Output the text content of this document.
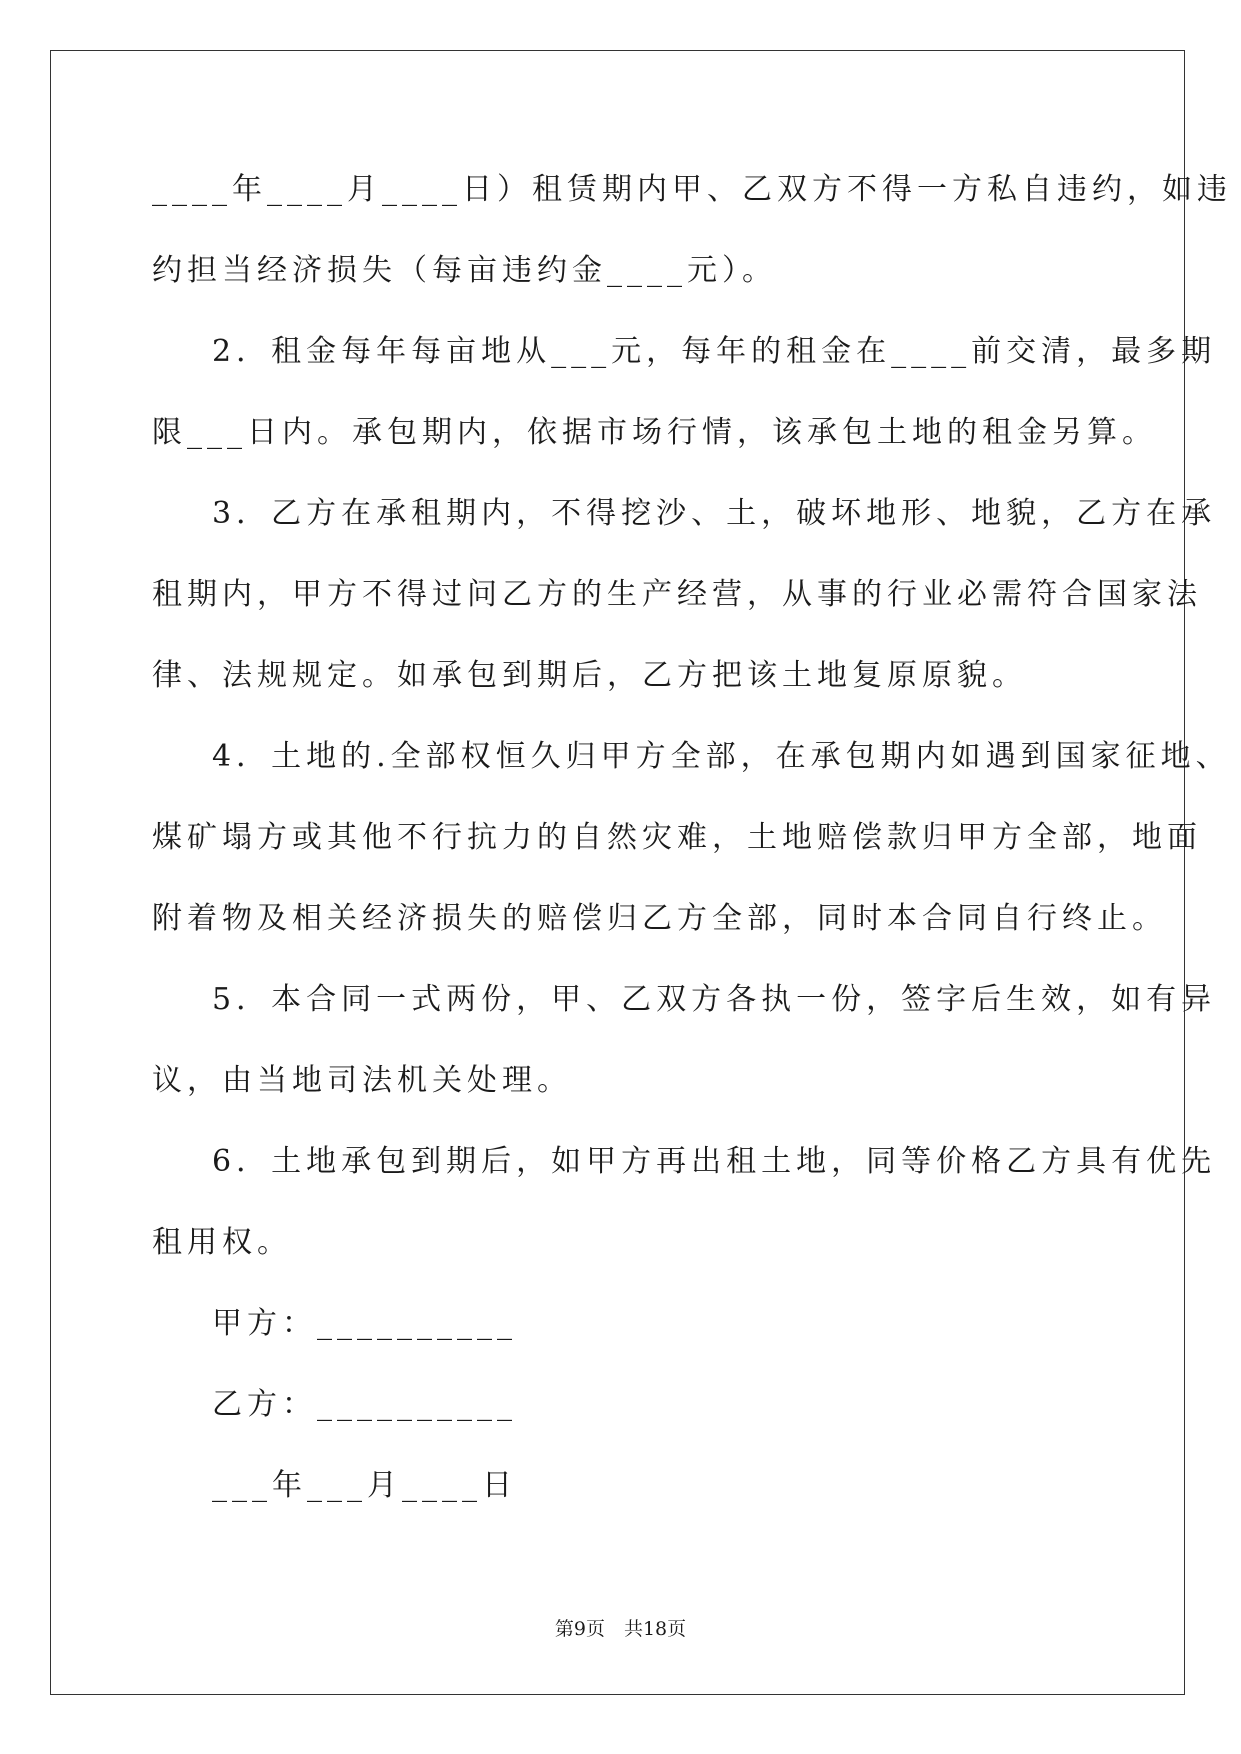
____年____月____日）租赁期内甲、乙双方不得一方私自违约，如违
约担当经济损失（每亩违约金____元）。
2．租金每年每亩地从___元，每年的租金在____前交清，最多期
限___日内。承包期内，依据市场行情，该承包土地的租金另算。
3．乙方在承租期内，不得挖沙、土，破坏地形、地貌，乙方在承
租期内，甲方不得过问乙方的生产经营，从事的行业必需符合国家法
律、法规规定。如承包到期后，乙方把该土地复原原貌。
4．土地的.全部权恒久归甲方全部，在承包期内如遇到国家征地、
煤矿塌方或其他不行抗力的自然灾难，土地赔偿款归甲方全部，地面
附着物及相关经济损失的赔偿归乙方全部，同时本合同自行终止。
5．本合同一式两份，甲、乙双方各执一份，签字后生效，如有异
议，由当地司法机关处理。
6．土地承包到期后，如甲方再出租土地，同等价格乙方具有优先
租用权。
甲方：__________
乙方：__________
___年___月____日
第9页　共18页
